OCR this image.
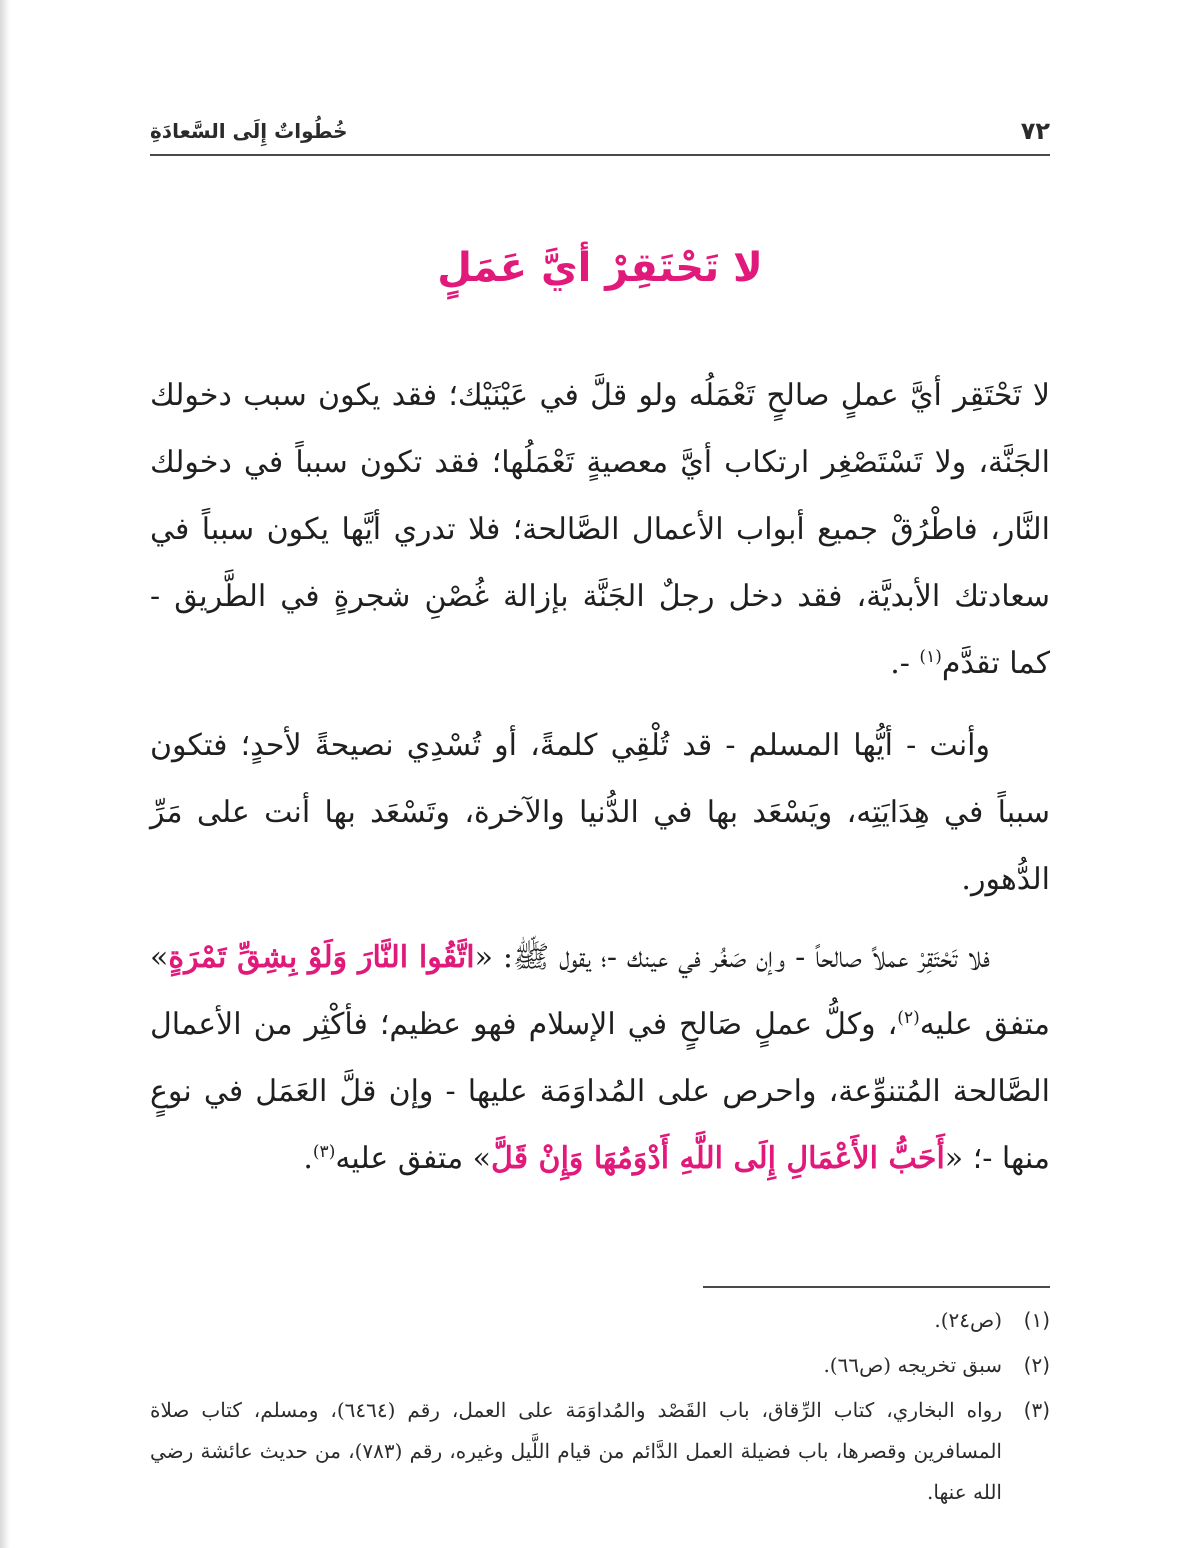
٧٢
خُطُواتٌ إِلَى السَّعادَةِ
لا تَحْتَقِرْ أيَّ عَمَلٍ
لا تَحْتَقِر أيَّ عملٍ صالحٍ تَعْمَلُه ولو قلَّ في عَيْنَيْك؛ فقد يكون سبب دخولك الجَنَّة، ولا تَسْتَصْغِر ارتكاب أيَّ معصيةٍ تَعْمَلُها؛ فقد تكون سبباً في دخولك النَّار، فاطْرُقْ جميع أبواب الأعمال الصَّالحة؛ فلا تدري أيَّها يكون سبباً في سعادتك الأبديَّة، فقد دخل رجلٌ الجَنَّة بإزالة غُصْنِ شجرةٍ في الطَّريق - كما تقدَّم$^{(١)}$ -.
وأنت - أيُّها المسلم - قد تُلْقِي كلمةً، أو تُسْدِي نصيحةً لأحدٍ؛ فتكون سبباً في هِدَايَتِه، ويَسْعَد بها في الدُّنيا والآخرة، وتَسْعَد بها أنت على مَرِّ الدُّهور.
فلا تَحْتَقِرْ عملاً صالحاً - وإن صَغُر في عينك -؛ يقول ﷺ: «اتَّقُوا النَّارَ وَلَوْ بِشِقِّ تَمْرَةٍ» متفق عليه$^{(٢)}$، وكلُّ عملٍ صَالحٍ في الإسلام فهو عظيم؛ فأكْثِر من الأعمال الصَّالحة المُتنوِّعة، واحرص على المُداوَمَة عليها - وإن قلَّ العَمَل في نوعٍ منها -؛ «أَحَبُّ الأَعْمَالِ إِلَى اللَّهِ أَدْوَمُهَا وَإِنْ قَلَّ» متفق عليه$^{(٣)}$.
(١)
(ص٢٤).
(٢)
سبق تخريجه (ص٦٦).
(٣)
رواه البخاري، كتاب الرِّقاق، باب القَصْد والمُداوَمَة على العمل، رقم (٦٤٦٤)، ومسلم، كتاب صلاة المسافرين وقصرها، باب فضيلة العمل الدَّائم من قيام اللَّيل وغيره، رقم (٧٨٣)، من حديث عائشة رضي الله عنها.
